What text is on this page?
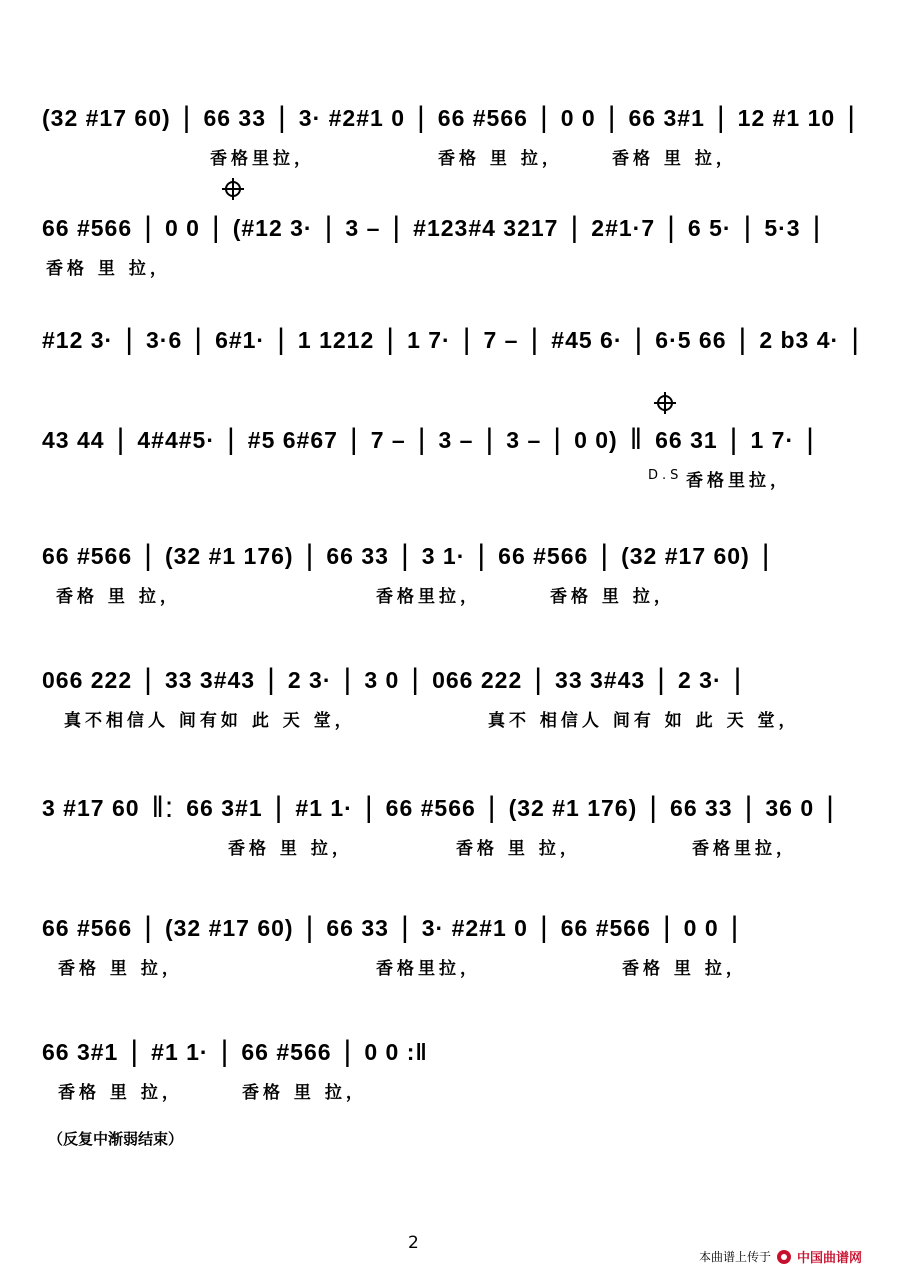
(32 #17 60) | 66 33 | 3· #2#1 0 | 66 #566 | 0 0 | 66 3#1 | 12 #1 10 |
香格里拉，	香格 里 拉，	香格 里 拉，
66 #566 | 0 0 | (#12 3· | 3 – | #123#4 3217 | 2#1·7 | 6 5· | 5·3 |
香格 里 拉，
#12 3· | 3·6 | 6#1· | 1 1212 | 1 7· | 7 – | #45 6· | 6·5 66 | 2 b3 4· |
43 44 | 4#4#5· | #5 6#67 | 7 – | 3 – | 3 – | 0 0) ‖ 66 31 | 1 7· |
D.S 香格里拉，
66 #566 | (32 #1 176) | 66 33 | 3 1· | 66 #566 | (32 #17 60) |
香格 里 拉，	香格里拉，	香格 里 拉，
066 222 | 33 3#43 | 2 3· | 3 0 | 066 222 | 33 3#43 | 2 3· |
真不相信人 间有如 此 天 堂，	真不 相信人 间有 如 此 天 堂，
3 #17 60 ‖: 66 3#1 | #1 1· | 66 #566 | (32 #1 176) | 66 33 | 36 0 |
香格 里 拉，	香格 里 拉，	香格里拉，
66 #566 | (32 #17 60) | 66 33 | 3· #2#1 0 | 66 #566 | 0 0 |
香格 里 拉，	香格里拉，	香格 里 拉，
66 3#1 | #1 1· | 66 #566 | 0 0 :‖
香格 里 拉，	香格 里 拉，
（反复中渐弱结束）
2
本曲谱上传于 中国曲谱网
